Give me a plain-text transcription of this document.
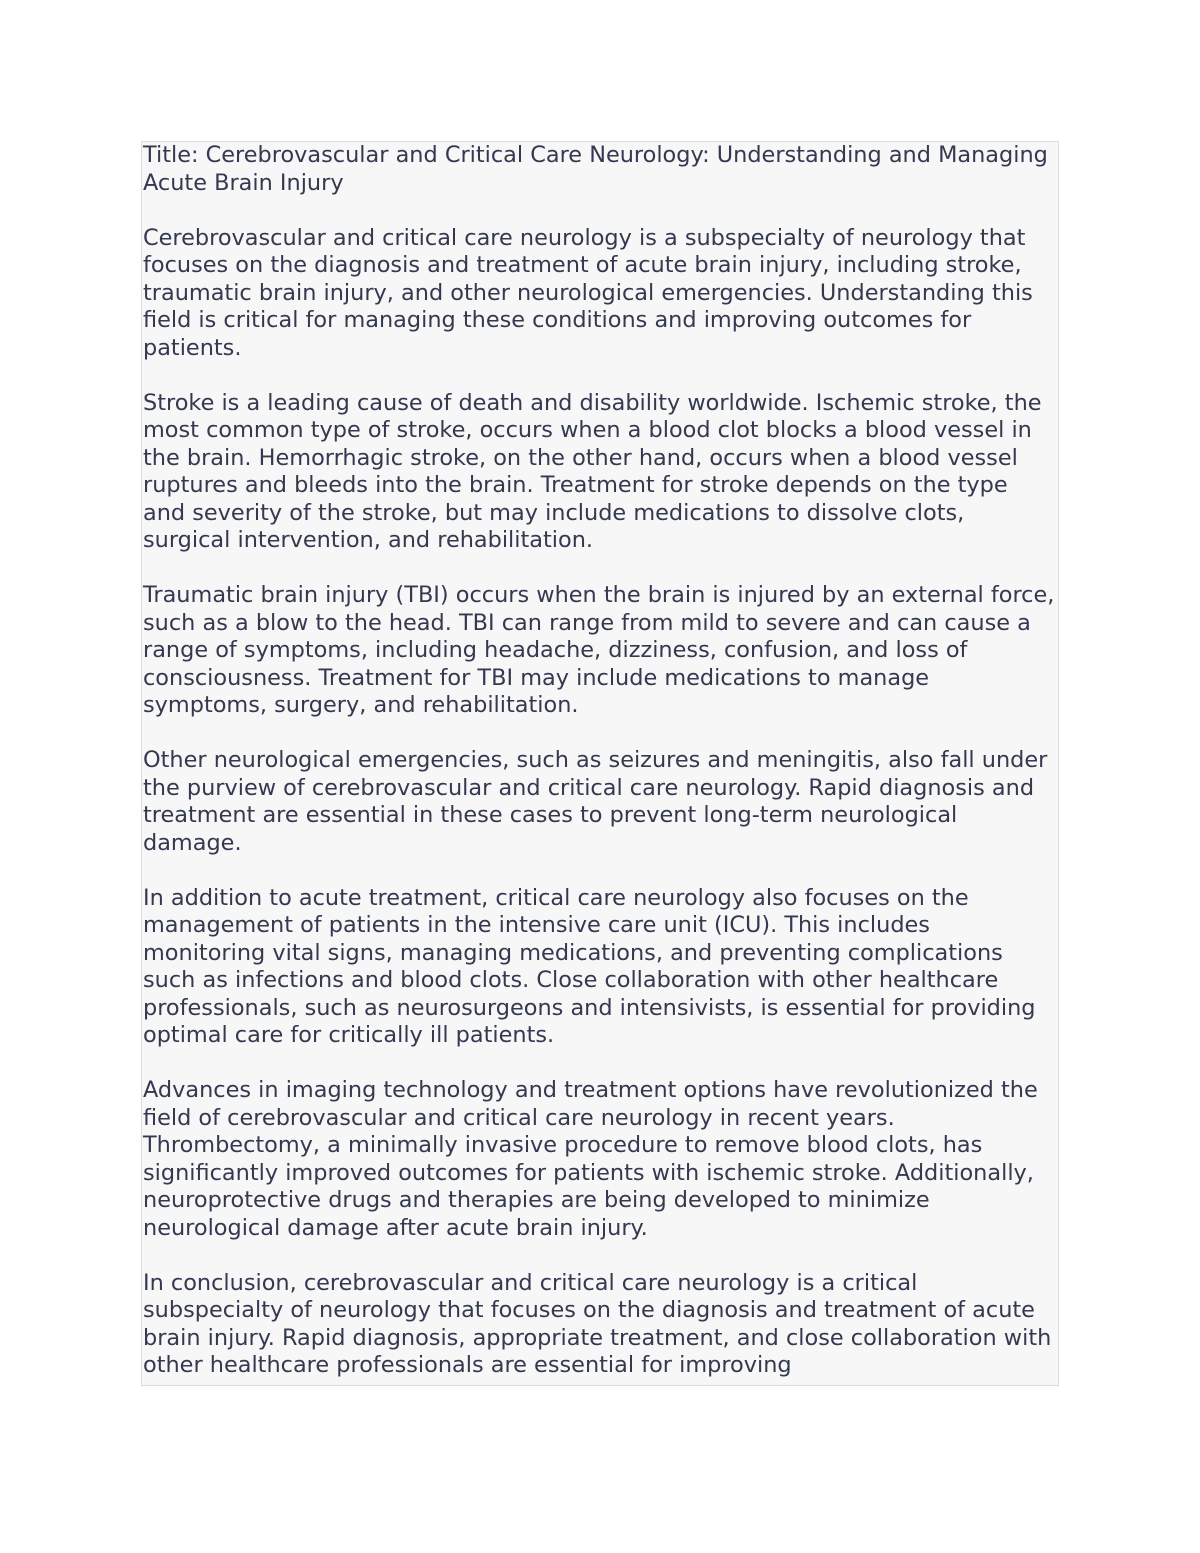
Title: Cerebrovascular and Critical Care Neurology: Understanding and Managing Acute Brain Injury

Cerebrovascular and critical care neurology is a subspecialty of neurology that focuses on the diagnosis and treatment of acute brain injury, including stroke, traumatic brain injury, and other neurological emergencies. Understanding this field is critical for managing these conditions and improving outcomes for patients.

Stroke is a leading cause of death and disability worldwide. Ischemic stroke, the most common type of stroke, occurs when a blood clot blocks a blood vessel in the brain. Hemorrhagic stroke, on the other hand, occurs when a blood vessel ruptures and bleeds into the brain. Treatment for stroke depends on the type and severity of the stroke, but may include medications to dissolve clots, surgical intervention, and rehabilitation.

Traumatic brain injury (TBI) occurs when the brain is injured by an external force, such as a blow to the head. TBI can range from mild to severe and can cause a range of symptoms, including headache, dizziness, confusion, and loss of consciousness. Treatment for TBI may include medications to manage symptoms, surgery, and rehabilitation.

Other neurological emergencies, such as seizures and meningitis, also fall under the purview of cerebrovascular and critical care neurology. Rapid diagnosis and treatment are essential in these cases to prevent long-term neurological damage.

In addition to acute treatment, critical care neurology also focuses on the management of patients in the intensive care unit (ICU). This includes monitoring vital signs, managing medications, and preventing complications such as infections and blood clots. Close collaboration with other healthcare professionals, such as neurosurgeons and intensivists, is essential for providing optimal care for critically ill patients.

Advances in imaging technology and treatment options have revolutionized the field of cerebrovascular and critical care neurology in recent years. Thrombectomy, a minimally invasive procedure to remove blood clots, has significantly improved outcomes for patients with ischemic stroke. Additionally, neuroprotective drugs and therapies are being developed to minimize neurological damage after acute brain injury.

In conclusion, cerebrovascular and critical care neurology is a critical subspecialty of neurology that focuses on the diagnosis and treatment of acute brain injury. Rapid diagnosis, appropriate treatment, and close collaboration with other healthcare professionals are essential for improving
